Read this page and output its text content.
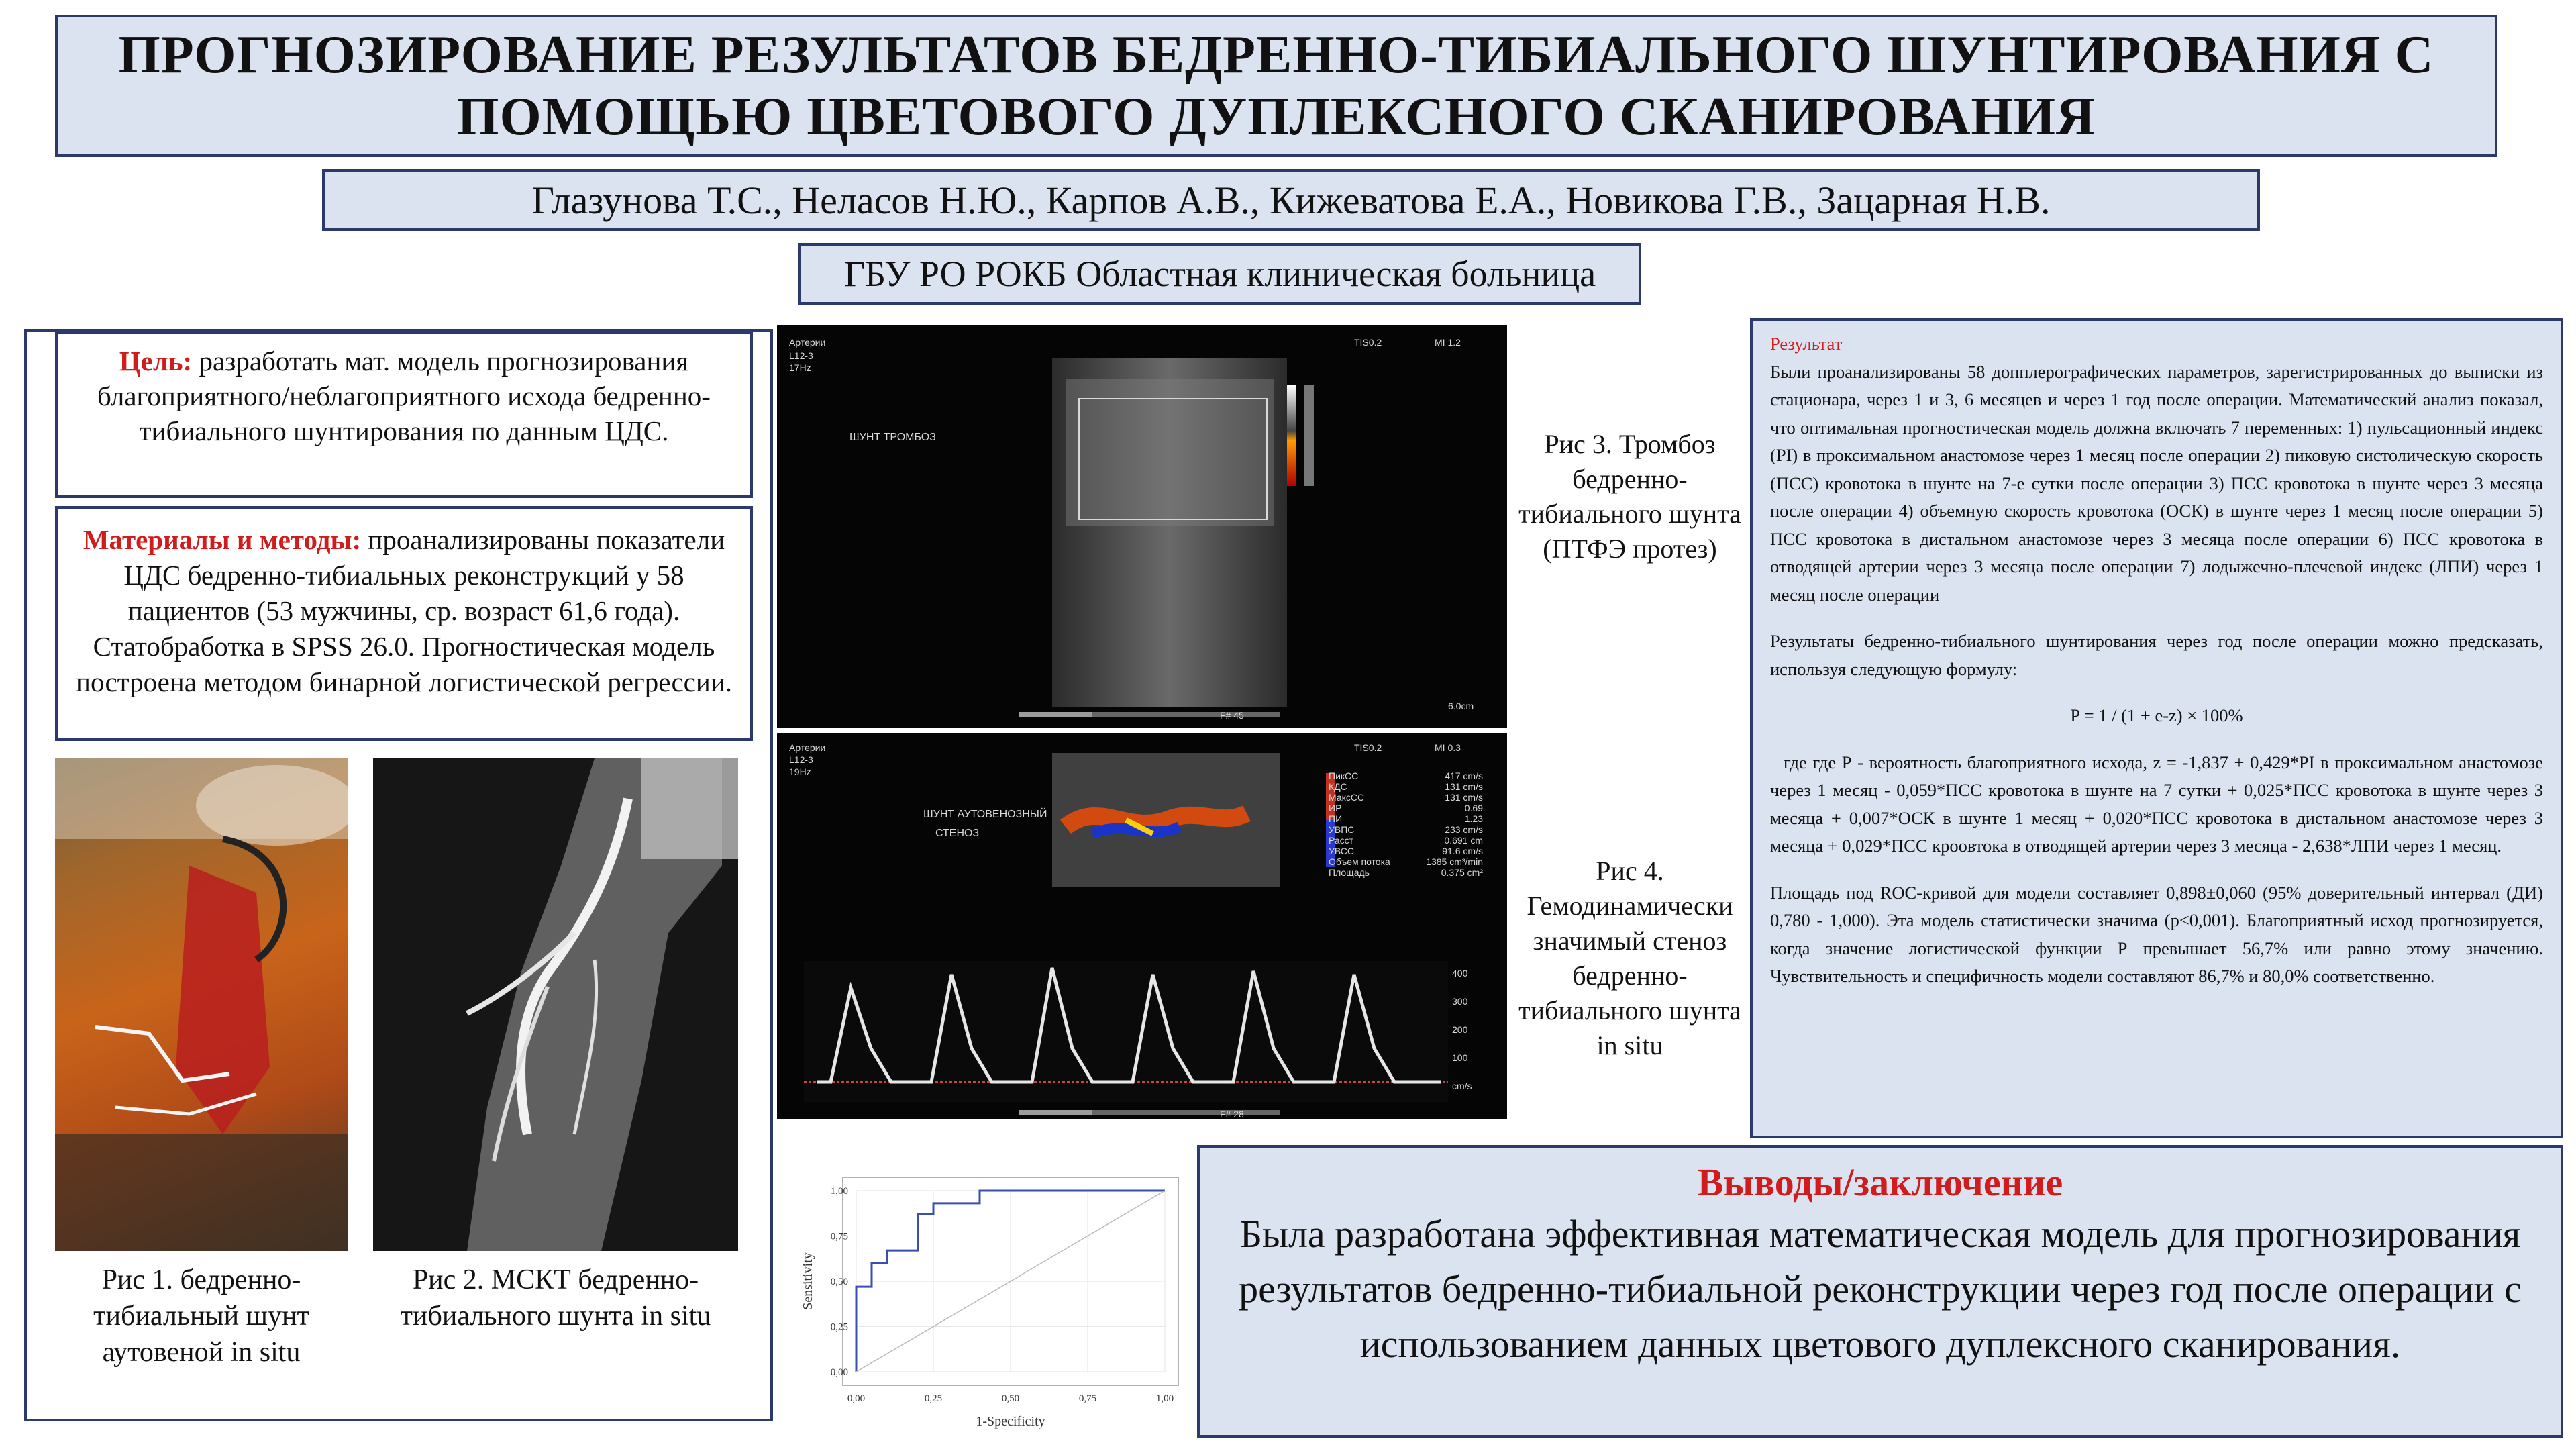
ПРОГНОЗИРОВАНИЕ РЕЗУЛЬТАТОВ БЕДРЕННО-ТИБИАЛЬНОГО ШУНТИРОВАНИЯ С
ПОМОЩЬЮ ЦВЕТОВОГО ДУПЛЕКСНОГО СКАНИРОВАНИЯ
Глазунова Т.С., Неласов Н.Ю., Карпов А.В., Кижеватова Е.А., Новикова Г.В., Зацарная Н.В.
ГБУ РО РОКБ Областная клиническая больница
Цель: разработать мат. модель прогнозирования благоприятного/неблагоприятного исхода бедренно-тибиального шунтирования по данным ЦДС.
Материалы и методы: проанализированы показатели ЦДС бедренно-тибиальных реконструкций у 58 пациентов (53 мужчины, ср. возраст 61,6 года). Статобработка в SPSS 26.0. Прогностическая модель построена методом бинарной логистической регрессии.
Рис 1. бедренно-тибиальный шунт аутовеной in situ
Рис 2. МСКТ бедренно-тибиального шунта in situ
Артерии
L12-3
17Hz
TIS0.2	MI 1.2
ШУНТ ТРОМБОЗ
6.0cm
F# 45
Артерии
L12-3
19Hz
TIS0.2	MI 0.3
ШУНТ АУТОВЕНОЗНЫЙ
СТЕНОЗ
ПикСС	417 cm/s
КДС	131 cm/s
МаксСС	131 cm/s
ИР	0.69
ПИ	1.23
УВПС	233 cm/s
Расст	0.691 cm
УВСС	91.6 cm/s
Объем потока	1385 cm³/min
Площадь	0.375 cm²
400
300
200
100
cm/s
F# 28
Рис 3. Тромбоз бедренно-тибиального шунта (ПТФЭ протез)
Рис 4. Гемодинамически значимый стеноз бедренно-тибиального шунта in situ
Результат

Были проанализированы 58 допплерографических параметров, зарегистрированных до выписки из стационара, через 1 и 3, 6 месяцев и через 1 год после операции. Математический анализ показал, что оптимальная прогностическая модель должна включать 7 переменных: 1) пульсационный индекс (PI) в проксимальном анастомозе через 1 месяц после операции 2) пиковую систолическую скорость (ПСС) кровотока в шунте на 7-е сутки после операции 3) ПСС кровотока в шунте через 3 месяца после операции 4) объемную скорость кровотока (ОСК) в шунте через 1 месяц после операции 5) ПСС кровотока в дистальном анастомозе через 3 месяца после операции 6) ПСС кровотока в отводящей артерии через 3 месяца после операции 7) лодыжечно-плечевой индекс (ЛПИ) через 1 месяц после операции

Результаты бедренно-тибиального шунтирования через год после операции можно предсказать, используя следующую формулу:

P = 1 / (1 + e-z) × 100%

где где Р - вероятность благоприятного исхода, z = -1,837 + 0,429*PI в проксимальном анастомозе через 1 месяц - 0,059*ПСС кровотока в шунте на 7 сутки + 0,025*ПСС кровотока в шунте через 3 месяца + 0,007*ОСК в шунте 1 месяц + 0,020*ПСС кровотока в дистальном анастомозе через 3 месяца + 0,029*ПСС кроовтока в отводящей артерии через 3 месяца - 2,638*ЛПИ через 1 месяц.

Площадь под ROC-кривой для модели составляет 0,898±0,060 (95% доверительный интервал (ДИ) 0,780 - 1,000). Эта модель статистически значима (p<0,001). Благоприятный исход прогнозируется, когда значение логистической функции Р превышает 56,7% или равно этому значению. Чувствительность и специфичность модели составляют 86,7% и 80,0% соответственно.

0,00
0,00
0,25
0,25
0,50
0,50
0,75
0,75
1,00
1,00
1-Specificity
Sensitivity
Выводы/заключение
Была разработана эффективная математическая модель для прогнозирования результатов бедренно-тибиальной реконструкции через год после операции с использованием данных цветового дуплексного сканирования.
